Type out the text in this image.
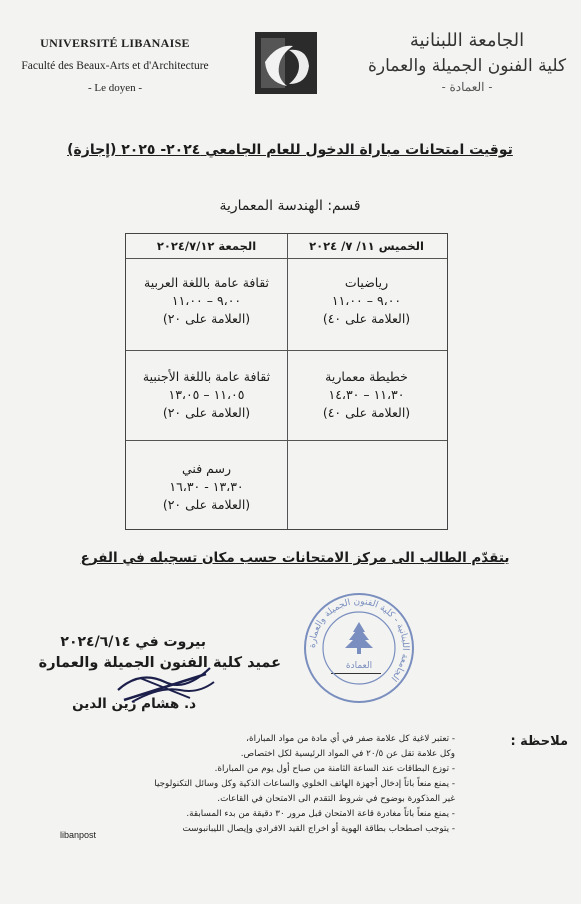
UNIVERSITÉ LIBANAISE
Faculté des Beaux-Arts et d'Architecture
- Le doyen -
الجامعة اللبنانية
كلية الفنون الجميلة والعمارة
- العمادة -
توقيت امتحانات مباراة الدخول للعام الجامعي ٢٠٢٤- ٢٠٢٥ (إجازة)
قسم: الهندسة المعمارية
الخميس ١١/ ٧/ ٢٠٢٤
الجمعة ٢٠٢٤/٧/١٢
رياضيات
٩،٠٠ – ١١،٠٠
(العلامة على ٤٠)
ثقافة عامة باللغة العربية
٩،٠٠ – ١١،٠٠
(العلامة على ٢٠)
خطيطة معمارية
١١،٣٠ – ١٤،٣٠
(العلامة على ٤٠)
ثقافة عامة باللغة الأجنبية
١١،٠٥ – ١٣،٠٥
(العلامة على ٢٠)
رسم فني
١٣،٣٠ - ١٦،٣٠
(العلامة على ٢٠)
يتقدّم الطالب الى مركز الامتحانات حسب مكان تسجيله في الفرع
الجامعة اللبنانية - كلية الفنون الجميلة والعمارة
العمادة
بيروت في ٢٠٢٤/٦/١٤
عميد كلية الفنون الجميلة والعمارة
د. هشام زين الدين
ملاحظة :
- تعتبر لاغية كل علامة صفر في أي مادة من مواد المباراة،
وكل علامة تقل عن ٢٠/٥ في المواد الرئيسية لكل اختصاص.
- توزع البطاقات عند الساعة الثامنة من صباح أول يوم من المباراة.
- يمنع منعاً باتاً إدخال أجهزة الهاتف الخلوي والساعات الذكية وكل وسائل التكنولوجيا
غير المذكورة بوضوح في شروط التقدم الى الامتحان في القاعات.
- يمنع منعاً باتاً مغادرة قاعة الامتحان قبل مرور ٣٠ دقيقة من بدء المسابقة.
- يتوجب اصطحاب بطاقة الهوية أو اخراج القيد الافرادي وإيصال الليبانبوست
libanpost
